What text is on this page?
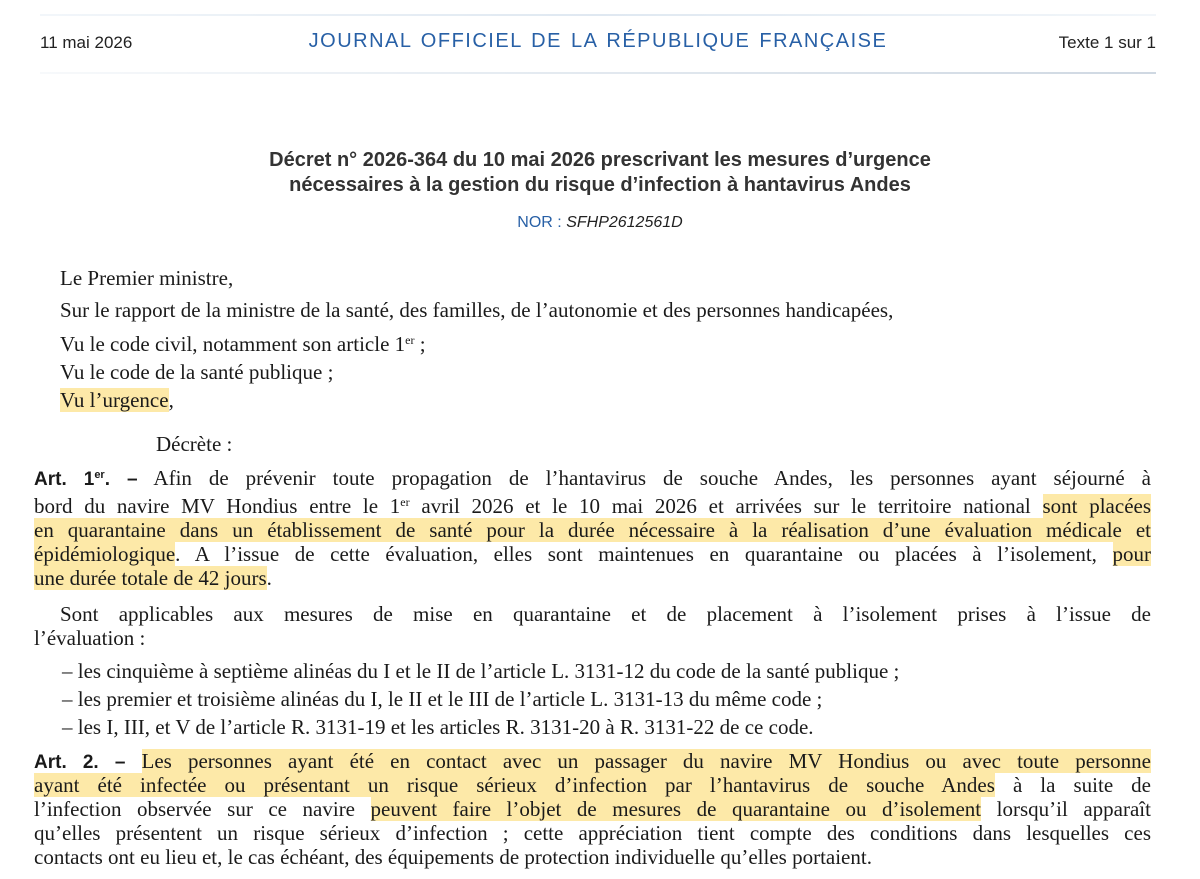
11 mai 2026	JOURNAL OFFICIEL DE LA RÉPUBLIQUE FRANÇAISE	Texte 1 sur 1
Décret n° 2026-364 du 10 mai 2026 prescrivant les mesures d’urgence
nécessaires à la gestion du risque d’infection à hantavirus Andes
NOR : SFHP2612561D
Le Premier ministre,
Sur le rapport de la ministre de la santé, des familles, de l’autonomie et des personnes handicapées,
Vu le code civil, notamment son article 1er ;
Vu le code de la santé publique ;
Vu l’urgence,
Décrète :
Art. 1er. – Afin de prévenir toute propagation de l’hantavirus de souche Andes, les personnes ayant séjourné à
bord du navire MV Hondius entre le 1er avril 2026 et le 10 mai 2026 et arrivées sur le territoire national sont placées
en quarantaine dans un établissement de santé pour la durée nécessaire à la réalisation d’une évaluation médicale et
épidémiologique. A l’issue de cette évaluation, elles sont maintenues en quarantaine ou placées à l’isolement, pour
une durée totale de 42 jours.
Sont applicables aux mesures de mise en quarantaine et de placement à l’isolement prises à l’issue de
l’évaluation :
– les cinquième à septième alinéas du I et le II de l’article L. 3131-12 du code de la santé publique ;
– les premier et troisième alinéas du I, le II et le III de l’article L. 3131-13 du même code ;
– les I, III, et V de l’article R. 3131-19 et les articles R. 3131-20 à R. 3131-22 de ce code.
Art. 2. – Les personnes ayant été en contact avec un passager du navire MV Hondius ou avec toute personne
ayant été infectée ou présentant un risque sérieux d’infection par l’hantavirus de souche Andes à la suite de
l’infection observée sur ce navire peuvent faire l’objet de mesures de quarantaine ou d’isolement lorsqu’il apparaît
qu’elles présentent un risque sérieux d’infection ; cette appréciation tient compte des conditions dans lesquelles ces
contacts ont eu lieu et, le cas échéant, des équipements de protection individuelle qu’elles portaient.
